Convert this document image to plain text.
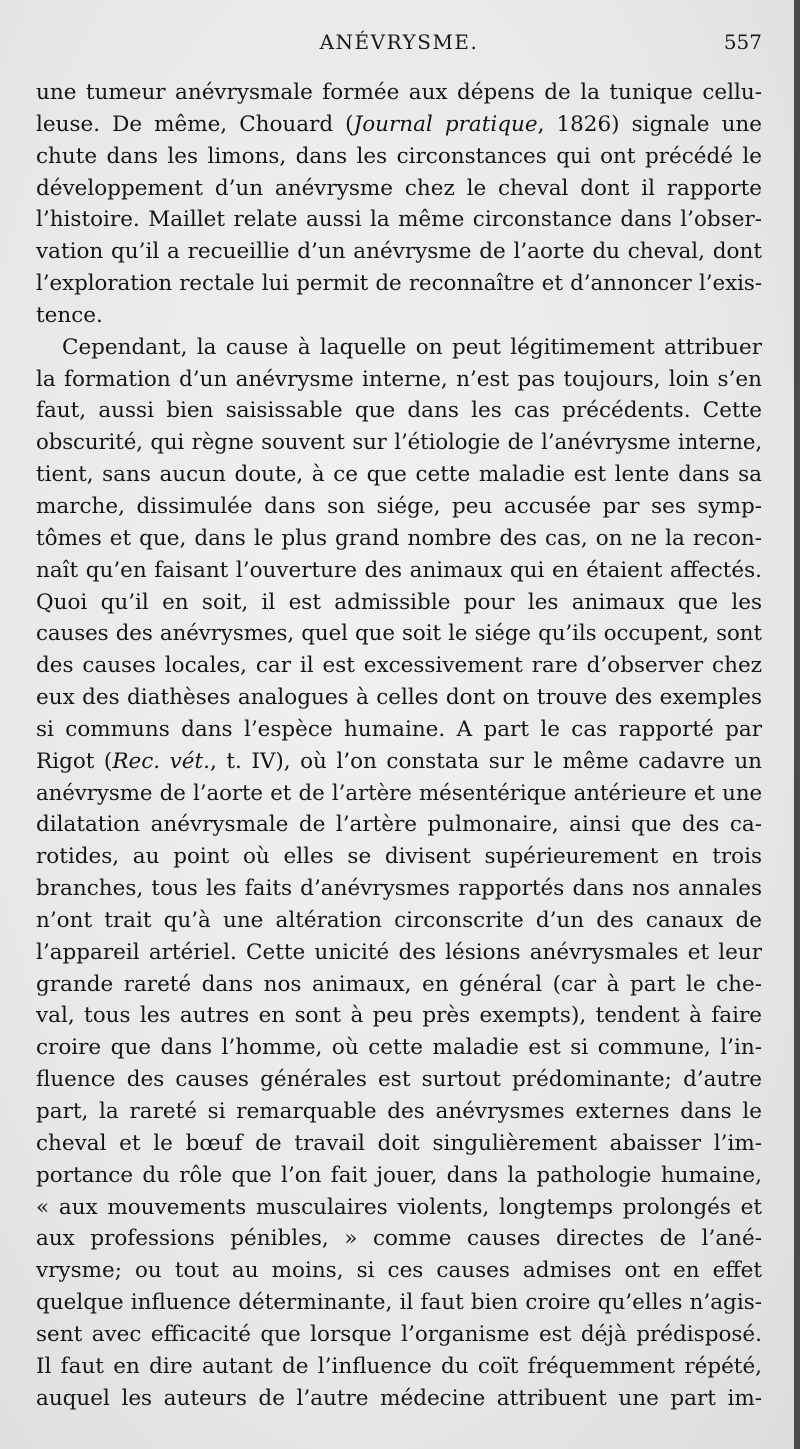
ANÉVRYSME.	557
une tumeur anévrysmale formée aux dépens de la tunique cellu-
leuse. De même, Chouard (Journal pratique, 1826) signale une
chute dans les limons, dans les circonstances qui ont précédé le
développement d’un anévrysme chez le cheval dont il rapporte
l’histoire. Maillet relate aussi la même circonstance dans l’obser-
vation qu’il a recueillie d’un anévrysme de l’aorte du cheval, dont
l’exploration rectale lui permit de reconnaître et d’annoncer l’exis-
tence.
Cependant, la cause à laquelle on peut légitimement attribuer
la formation d’un anévrysme interne, n’est pas toujours, loin s’en
faut, aussi bien saisissable que dans les cas précédents. Cette
obscurité, qui règne souvent sur l’étiologie de l’anévrysme interne,
tient, sans aucun doute, à ce que cette maladie est lente dans sa
marche, dissimulée dans son siége, peu accusée par ses symp-
tômes et que, dans le plus grand nombre des cas, on ne la recon-
naît qu’en faisant l’ouverture des animaux qui en étaient affectés.
Quoi qu’il en soit, il est admissible pour les animaux que les
causes des anévrysmes, quel que soit le siége qu’ils occupent, sont
des causes locales, car il est excessivement rare d’observer chez
eux des diathèses analogues à celles dont on trouve des exemples
si communs dans l’espèce humaine. A part le cas rapporté par
Rigot (Rec. vét., t. IV), où l’on constata sur le même cadavre un
anévrysme de l’aorte et de l’artère mésentérique antérieure et une
dilatation anévrysmale de l’artère pulmonaire, ainsi que des ca-
rotides, au point où elles se divisent supérieurement en trois
branches, tous les faits d’anévrysmes rapportés dans nos annales
n’ont trait qu’à une altération circonscrite d’un des canaux de
l’appareil artériel. Cette unicité des lésions anévrysmales et leur
grande rareté dans nos animaux, en général (car à part le che-
val, tous les autres en sont à peu près exempts), tendent à faire
croire que dans l’homme, où cette maladie est si commune, l’in-
fluence des causes générales est surtout prédominante; d’autre
part, la rareté si remarquable des anévrysmes externes dans le
cheval et le bœuf de travail doit singulièrement abaisser l’im-
portance du rôle que l’on fait jouer, dans la pathologie humaine,
« aux mouvements musculaires violents, longtemps prolongés et
aux professions pénibles, » comme causes directes de l’ané-
vrysme; ou tout au moins, si ces causes admises ont en effet
quelque influence déterminante, il faut bien croire qu’elles n’agis-
sent avec efficacité que lorsque l’organisme est déjà prédisposé.
Il faut en dire autant de l’influence du coït fréquemment répété,
auquel les auteurs de l’autre médecine attribuent une part im-
